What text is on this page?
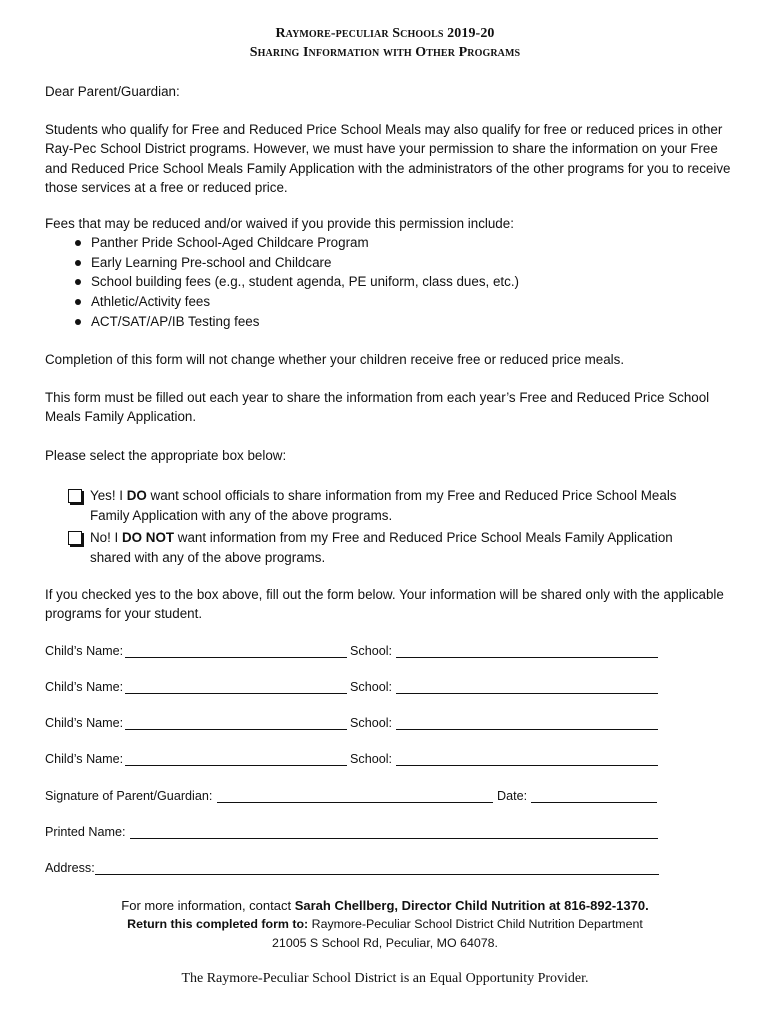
Raymore-peculiar Schools 2019-20
Sharing Information with Other Programs
Dear Parent/Guardian:
Students who qualify for Free and Reduced Price School Meals may also qualify for free or reduced prices in other Ray-Pec School District programs. However, we must have your permission to share the information on your Free and Reduced Price School Meals Family Application with the administrators of the other programs for you to receive those services at a free or reduced price.
Fees that may be reduced and/or waived if you provide this permission include:
Panther Pride School-Aged Childcare Program
Early Learning Pre-school and Childcare
School building fees (e.g., student agenda, PE uniform, class dues, etc.)
Athletic/Activity fees
ACT/SAT/AP/IB Testing fees
Completion of this form will not change whether your children receive free or reduced price meals.
This form must be filled out each year to share the information from each year’s Free and Reduced Price School Meals Family Application.
Please select the appropriate box below:
Yes! I DO want school officials to share information from my Free and Reduced Price School Meals Family Application with any of the above programs.
No! I DO NOT want information from my Free and Reduced Price School Meals Family Application shared with any of the above programs.
If you checked yes to the box above, fill out the form below. Your information will be shared only with the applicable programs for your student.
Child’s Name:	School:
Child’s Name:	School:
Child’s Name:	School:
Child’s Name:	School:
Signature of Parent/Guardian:	Date:
Printed Name:
Address:
For more information, contact Sarah Chellberg, Director Child Nutrition at 816-892-1370.
Return this completed form to: Raymore-Peculiar School District Child Nutrition Department
21005 S School Rd, Peculiar, MO 64078.
The Raymore-Peculiar School District is an Equal Opportunity Provider.
